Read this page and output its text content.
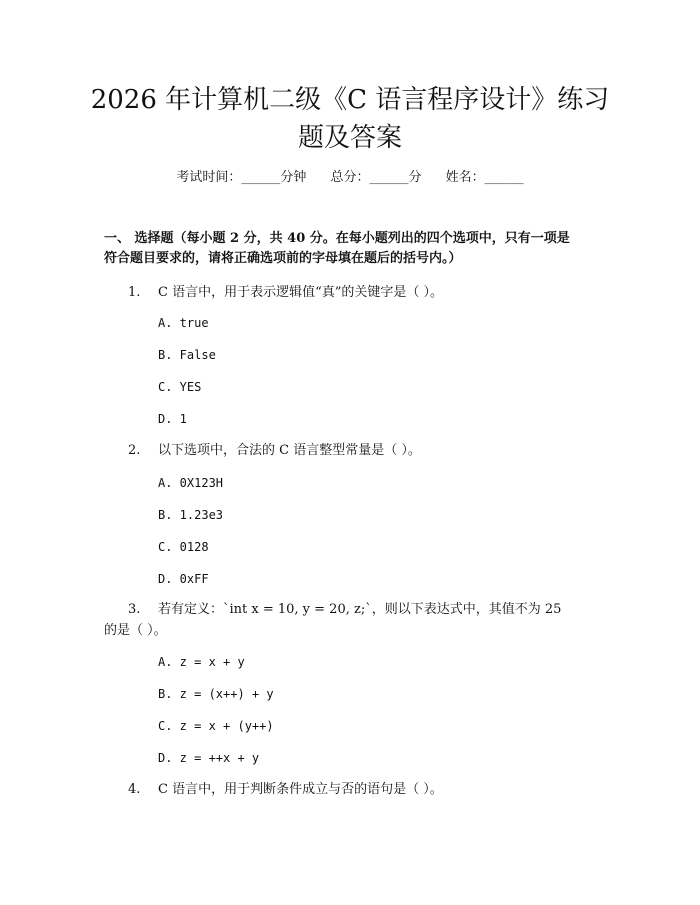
2026 年计算机二级《C 语言程序设计》练习
题及答案
考试时间：______分钟 总分：______分 姓名：______
一、 选择题（每小题 2 分，共 40 分。在每小题列出的四个选项中，只有一项是
符合题目要求的，请将正确选项前的字母填在题后的括号内。）
1. C 语言中，用于表示逻辑值“真”的关键字是（ ）。
A. true
B. False
C. YES
D. 1
2. 以下选项中，合法的 C 语言整型常量是（ ）。
A. 0X123H
B. 1.23e3
C. 0128
D. 0xFF
3. 若有定义：`int x = 10, y = 20, z;`，则以下表达式中，其值不为 25
的是（ ）。
A. z = x + y
B. z = (x++) + y
C. z = x + (y++)
D. z = ++x + y
4. C 语言中，用于判断条件成立与否的语句是（ ）。
